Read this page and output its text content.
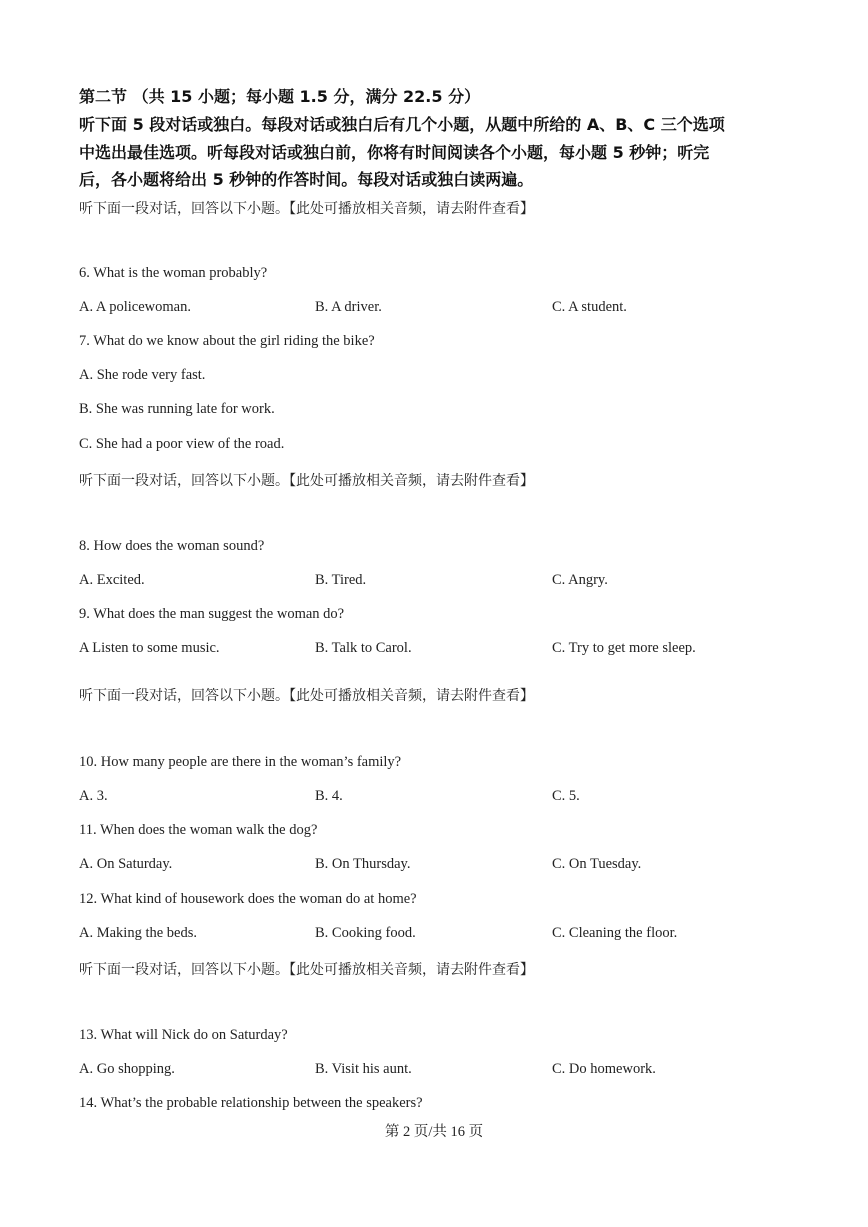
第二节 （共 15 小题；每小题 1.5 分，满分 22.5 分）
听下面 5 段对话或独白。每段对话或独白后有几个小题，从题中所给的 A、B、C 三个选项
中选出最佳选项。听每段对话或独白前，你将有时间阅读各个小题，每小题 5 秒钟；听完
后，各小题将给出 5 秒钟的作答时间。每段对话或独白读两遍。
听下面一段对话，回答以下小题。【此处可播放相关音频，请去附件查看】
6. What is the woman probably?
A. A policewoman.	B. A driver.	C. A student.
7. What do we know about the girl riding the bike?
A. She rode very fast.
B. She was running late for work.
C. She had a poor view of the road.
听下面一段对话，回答以下小题。【此处可播放相关音频，请去附件查看】
8. How does the woman sound?
A. Excited.	B. Tired.	C. Angry.
9. What does the man suggest the woman do?
A Listen to some music.	B. Talk to Carol.	C. Try to get more sleep.
听下面一段对话，回答以下小题。【此处可播放相关音频，请去附件查看】
10. How many people are there in the woman’s family?
A. 3.	B. 4.	C. 5.
11. When does the woman walk the dog?
A. On Saturday.	B. On Thursday.	C. On Tuesday.
12. What kind of housework does the woman do at home?
A. Making the beds.	B. Cooking food.	C. Cleaning the floor.
听下面一段对话，回答以下小题。【此处可播放相关音频，请去附件查看】
13. What will Nick do on Saturday?
A. Go shopping.	B. Visit his aunt.	C. Do homework.
14. What’s the probable relationship between the speakers?
第 2 页/共 16 页
